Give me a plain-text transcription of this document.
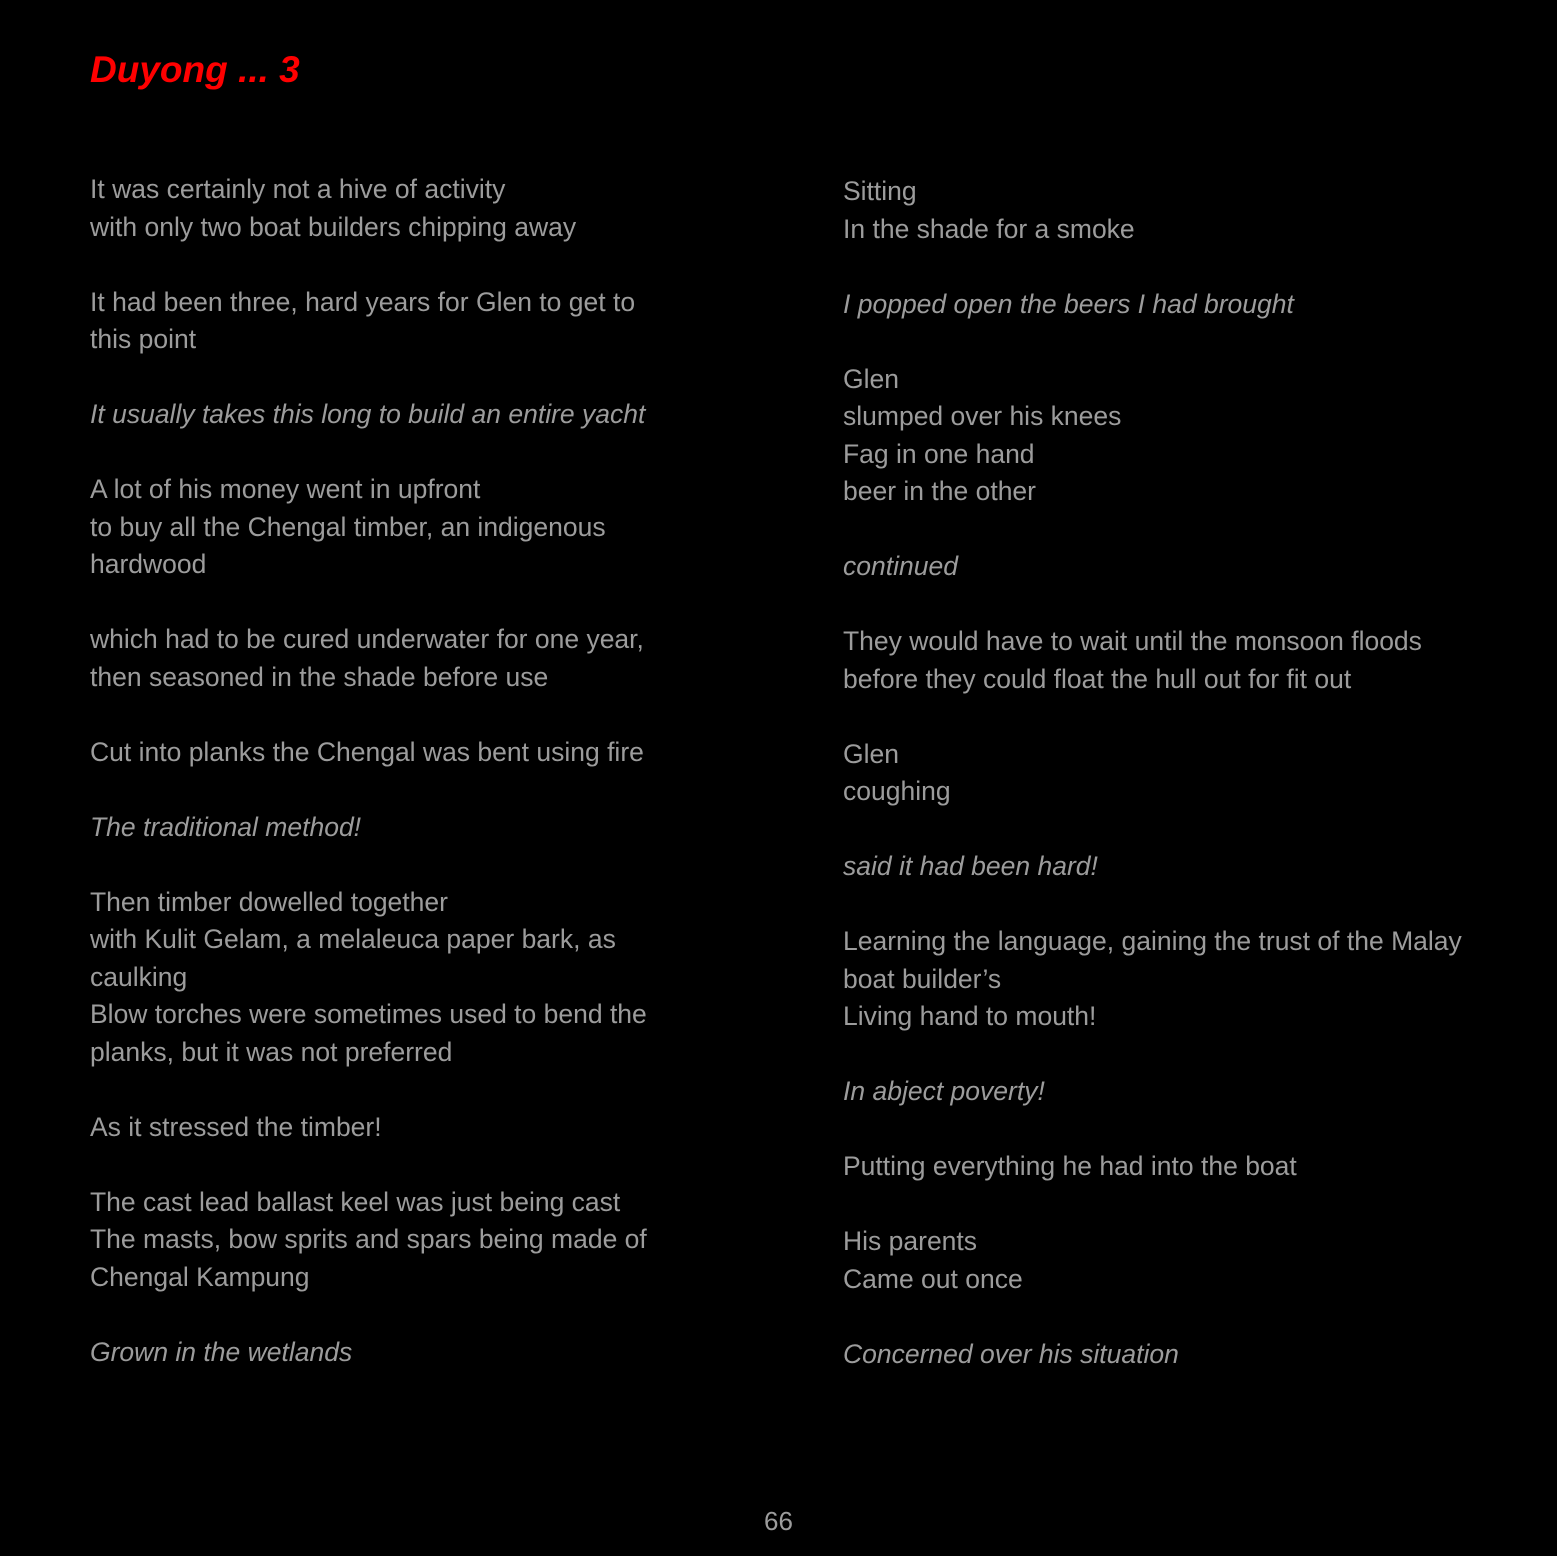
Duyong ... 3
It was certainly not a hive of activity
with only two boat builders chipping away
It had been three, hard years for Glen to get to
this point
It usually takes this long to build an entire yacht
A lot of his money went in upfront
to buy all the Chengal timber, an indigenous
hardwood
which had to be cured underwater for one year,
then seasoned in the shade before use
Cut into planks the Chengal was bent using fire
The traditional method!
Then timber dowelled together
with Kulit Gelam, a melaleuca paper bark, as
caulking
Blow torches were sometimes used to bend the
planks, but it was not preferred
As it stressed the timber!
The cast lead ballast keel was just being cast
The masts, bow sprits and spars being made of
Chengal Kampung
Grown in the wetlands
Sitting
In the shade for a smoke
I popped open the beers I had brought
Glen
slumped over his knees
Fag in one hand
beer in the other
continued
They would have to wait until the monsoon floods
before they could float the hull out for fit out
Glen
coughing
said it had been hard!
Learning the language, gaining the trust of the Malay
boat builder’s
Living hand to mouth!
In abject poverty!
Putting everything he had into the boat
His parents
Came out once
Concerned over his situation
66
